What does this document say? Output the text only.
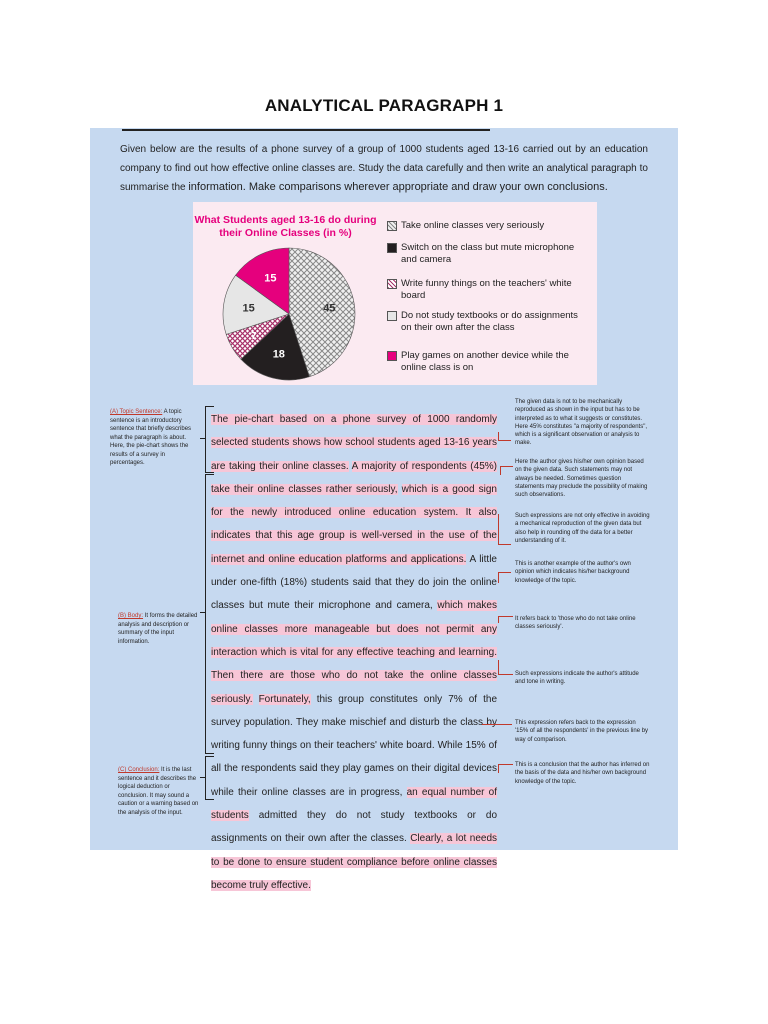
ANALYTICAL PARAGRAPH 1
Given below are the results of a phone survey of a group of 1000 students aged 13-16 carried out by an education company to find out how effective online classes are. Study the data carefully and then write an analytical paragraph to summarise the information. Make comparisons wherever appropriate and draw your own conclusions.
What Students aged 13-16 do during their Online Classes (in %)
45
18
7
15
15
Take online classes very seriously
Switch on the class but mute microphone and camera
Write funny things on the teachers' white board
Do not study textbooks or do assignments on their own after the class
Play games on another device while the online class is on
(A) Topic Sentence: A topic sentence is an introductory sentence that briefly describes what the paragraph is about. Here, the pie-chart shows the results of a survey in percentages.
(B) Body: It forms the detailed analysis and description or summary of the input information.
(C) Conclusion: It is the last sentence and it describes the logical deduction or conclusion. It may sound a caution or a warning based on the analysis of the input.
The pie-chart based on a phone survey of 1000 randomly selected students shows how school students aged 13-16 years are taking their online classes. A majority of respondents (45%) take their online classes rather seriously, which is a good sign for the newly introduced online education system. It also indicates that this age group is well-versed in the use of the internet and online education platforms and applications. A little under one-fifth (18%) students said that they do join the online classes but mute their microphone and camera, which makes online classes more manageable but does not permit any interaction which is vital for any effective teaching and learning. Then there are those who do not take the online classes seriously. Fortunately, this group constitutes only 7% of the survey population. They make mischief and disturb the class by writing funny things on their teachers' white board. While 15% of all the respondents said they play games on their digital devices while their online classes are in progress, an equal number of students admitted they do not study textbooks or do assignments on their own after the classes. Clearly, a lot needs to be done to ensure student compliance before online classes become truly effective.
The given data is not to be mechanically reproduced as shown in the input but has to be interpreted as to what it suggests or constitutes. Here 45% constitutes "a majority of respondents", which is a significant observation or analysis to make.
Here the author gives his/her own opinion based on the given data. Such statements may not always be needed. Sometimes question statements may preclude the possibility of making such observations.
Such expressions are not only effective in avoiding a mechanical reproduction of the given data but also help in rounding off the data for a better understanding of it.
This is another example of the author's own opinion which indicates his/her background knowledge of the topic.
It refers back to 'those who do not take online classes seriously'.
Such expressions indicate the author's attitude and tone in writing.
This expression refers back to the expression '15% of all the respondents' in the previous line by way of comparison.
This is a conclusion that the author has inferred on the basis of the data and his/her own background knowledge of the topic.
